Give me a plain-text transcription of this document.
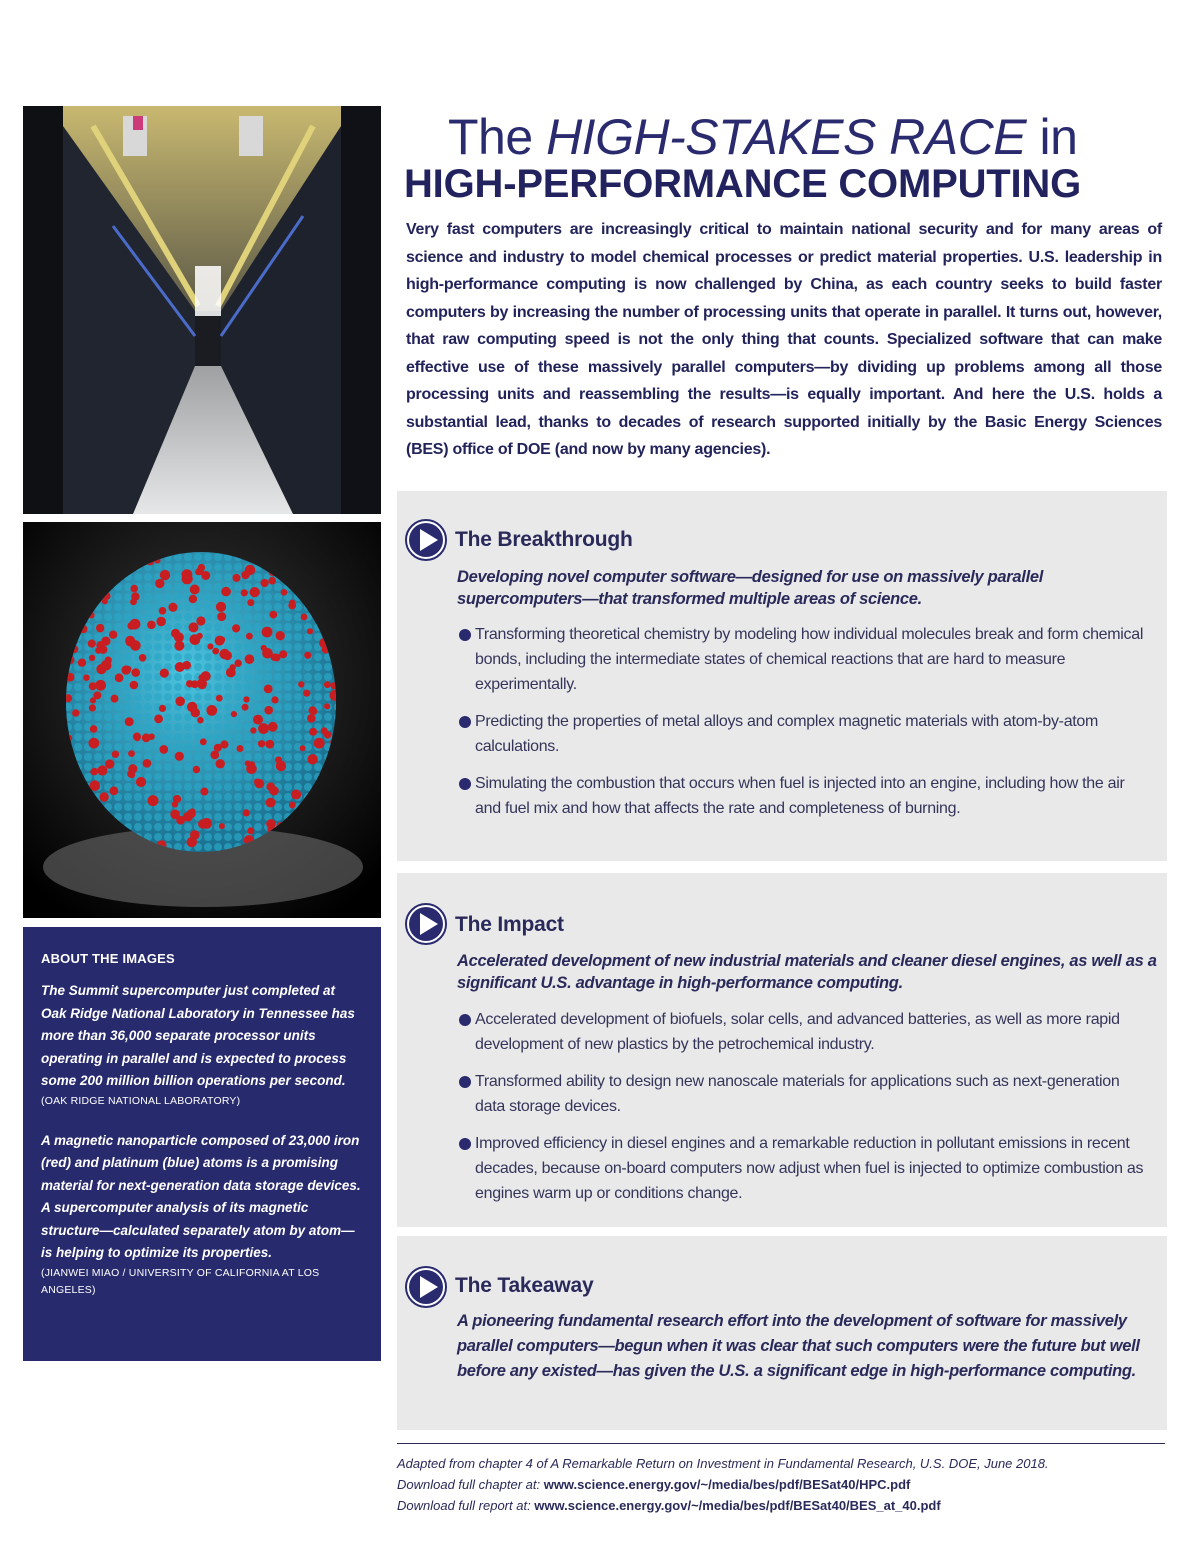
ABOUT THE IMAGES
The Summit supercomputer just completed at Oak Ridge National Laboratory in Tennessee has more than 36,000 separate processor units operating in parallel and is expected to process some 200 million billion operations per second.
(OAK RIDGE NATIONAL LABORATORY)
A magnetic nanoparticle composed of 23,000 iron (red) and platinum (blue) atoms is a promising material for next-generation data storage devices. A supercomputer analysis of its magnetic structure—calculated separately atom by atom—is helping to optimize its properties.
(JIANWEI MIAO / UNIVERSITY OF CALIFORNIA AT LOS ANGELES)
The HIGH-STAKES RACE in
HIGH-PERFORMANCE COMPUTING
Very fast computers are increasingly critical to maintain national security and for many areas of science and industry to model chemical processes or predict material properties. U.S. leadership in high-performance computing is now challenged by China, as each country seeks to build faster computers by increasing the number of processing units that operate in parallel. It turns out, however, that raw computing speed is not the only thing that counts. Specialized software that can make effective use of these massively parallel computers—by dividing up problems among all those processing units and reassembling the results—is equally important. And here the U.S. holds a substantial lead, thanks to decades of research supported initially by the Basic Energy Sciences (BES) office of DOE (and now by many agencies).
The Breakthrough
Developing novel computer software—designed for use on massively parallel supercomputers—that transformed multiple areas of science.
Transforming theoretical chemistry by modeling how individual molecules break and form chemical bonds, including the intermediate states of chemical reactions that are hard to measure experimentally.
Predicting the properties of metal alloys and complex magnetic materials with atom-by-atom calculations.
Simulating the combustion that occurs when fuel is injected into an engine, including how the air and fuel mix and how that affects the rate and completeness of burning.
The Impact
Accelerated development of new industrial materials and cleaner diesel engines, as well as a significant U.S. advantage in high-performance computing.
Accelerated development of biofuels, solar cells, and advanced batteries, as well as more rapid development of new plastics by the petrochemical industry.
Transformed ability to design new nanoscale materials for applications such as next-generation data storage devices.
Improved efficiency in diesel engines and a remarkable reduction in pollutant emissions in recent decades, because on-board computers now adjust when fuel is injected to optimize combustion as engines warm up or conditions change.
The Takeaway
A pioneering fundamental research effort into the development of software for massively parallel computers—begun when it was clear that such computers were the future but well before any existed—has given the U.S. a significant edge in high-performance computing.
Adapted from chapter 4 of A Remarkable Return on Investment in Fundamental Research, U.S. DOE, June 2018.
Download full chapter at: www.science.energy.gov/~/media/bes/pdf/BESat40/HPC.pdf
Download full report at: www.science.energy.gov/~/media/bes/pdf/BESat40/BES_at_40.pdf
